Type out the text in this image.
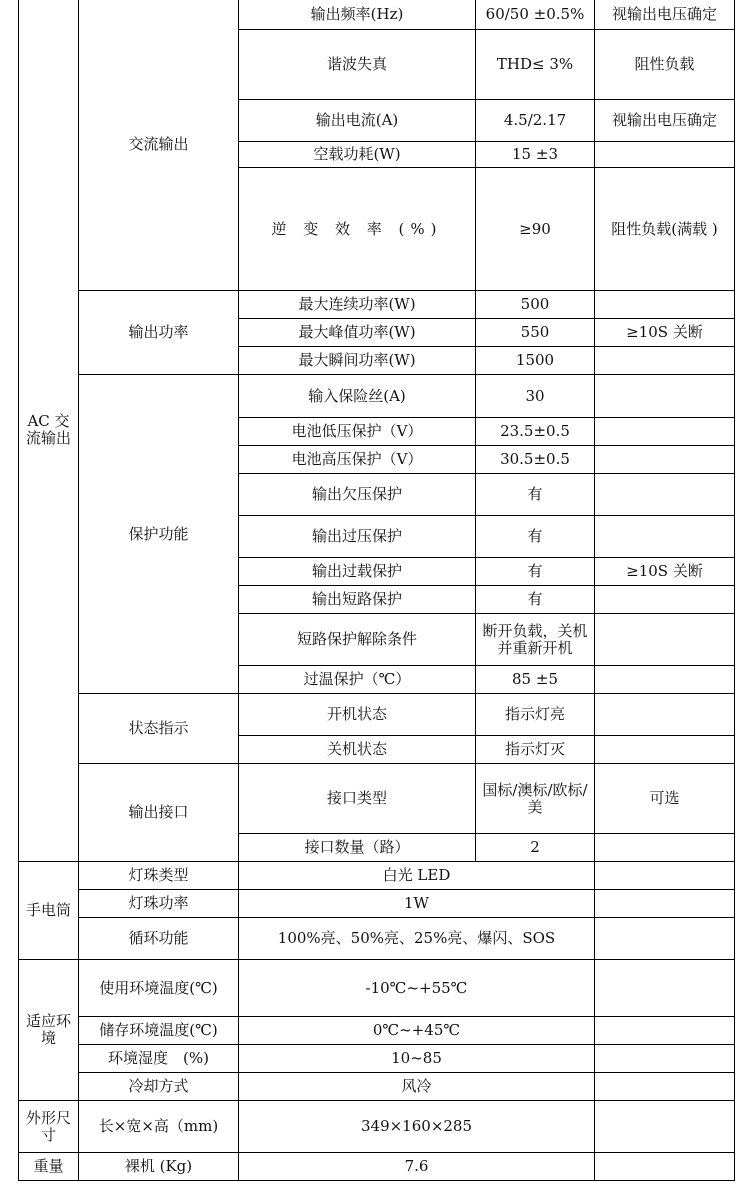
AC 交流输出	交流输出	输出频率(Hz)	60/50 ±0.5%	视输出电压确定
		谐波失真	THD≤ 3%	阻性负载
		输出电流(A)	4.5/2.17	视输出电压确定
		空载功耗(W)	15 ±3	
		逆 变 效 率 (%)	≥90	阻性负载(满载 )
	输出功率	最大连续功率(W)	500	
		最大峰值功率(W)	550	≥10S 关断
		最大瞬间功率(W)	1500	
	保护功能	输入保险丝(A)	30	
		电池低压保护（V）	23.5±0.5	
		电池高压保护（V）	30.5±0.5	
		输出欠压保护	有	
		输出过压保护	有	
		输出过载保护	有	≥10S 关断
		输出短路保护	有	
		短路保护解除条件	断开负载，关机并重新开机	
		过温保护（℃）	85 ±5	
	状态指示	开机状态	指示灯亮	
		关机状态	指示灯灭	
	输出接口	接口类型	国标/澳标/欧标/美	可选
		接口数量（路）	2	
手电筒	灯珠类型	白光 LED		
	灯珠功率	1W		
	循环功能	100%亮、50%亮、25%亮、爆闪、SOS		
适应环境	使用环境温度(℃)	-10℃~+55℃		
	储存环境温度(℃)	0℃~+45℃		
	环境湿度　(%)	10~85		
	冷却方式	风冷		
外形尺寸	长×宽×高（mm)	349×160×285		
重量	裸机 (Kg)	7.6		
